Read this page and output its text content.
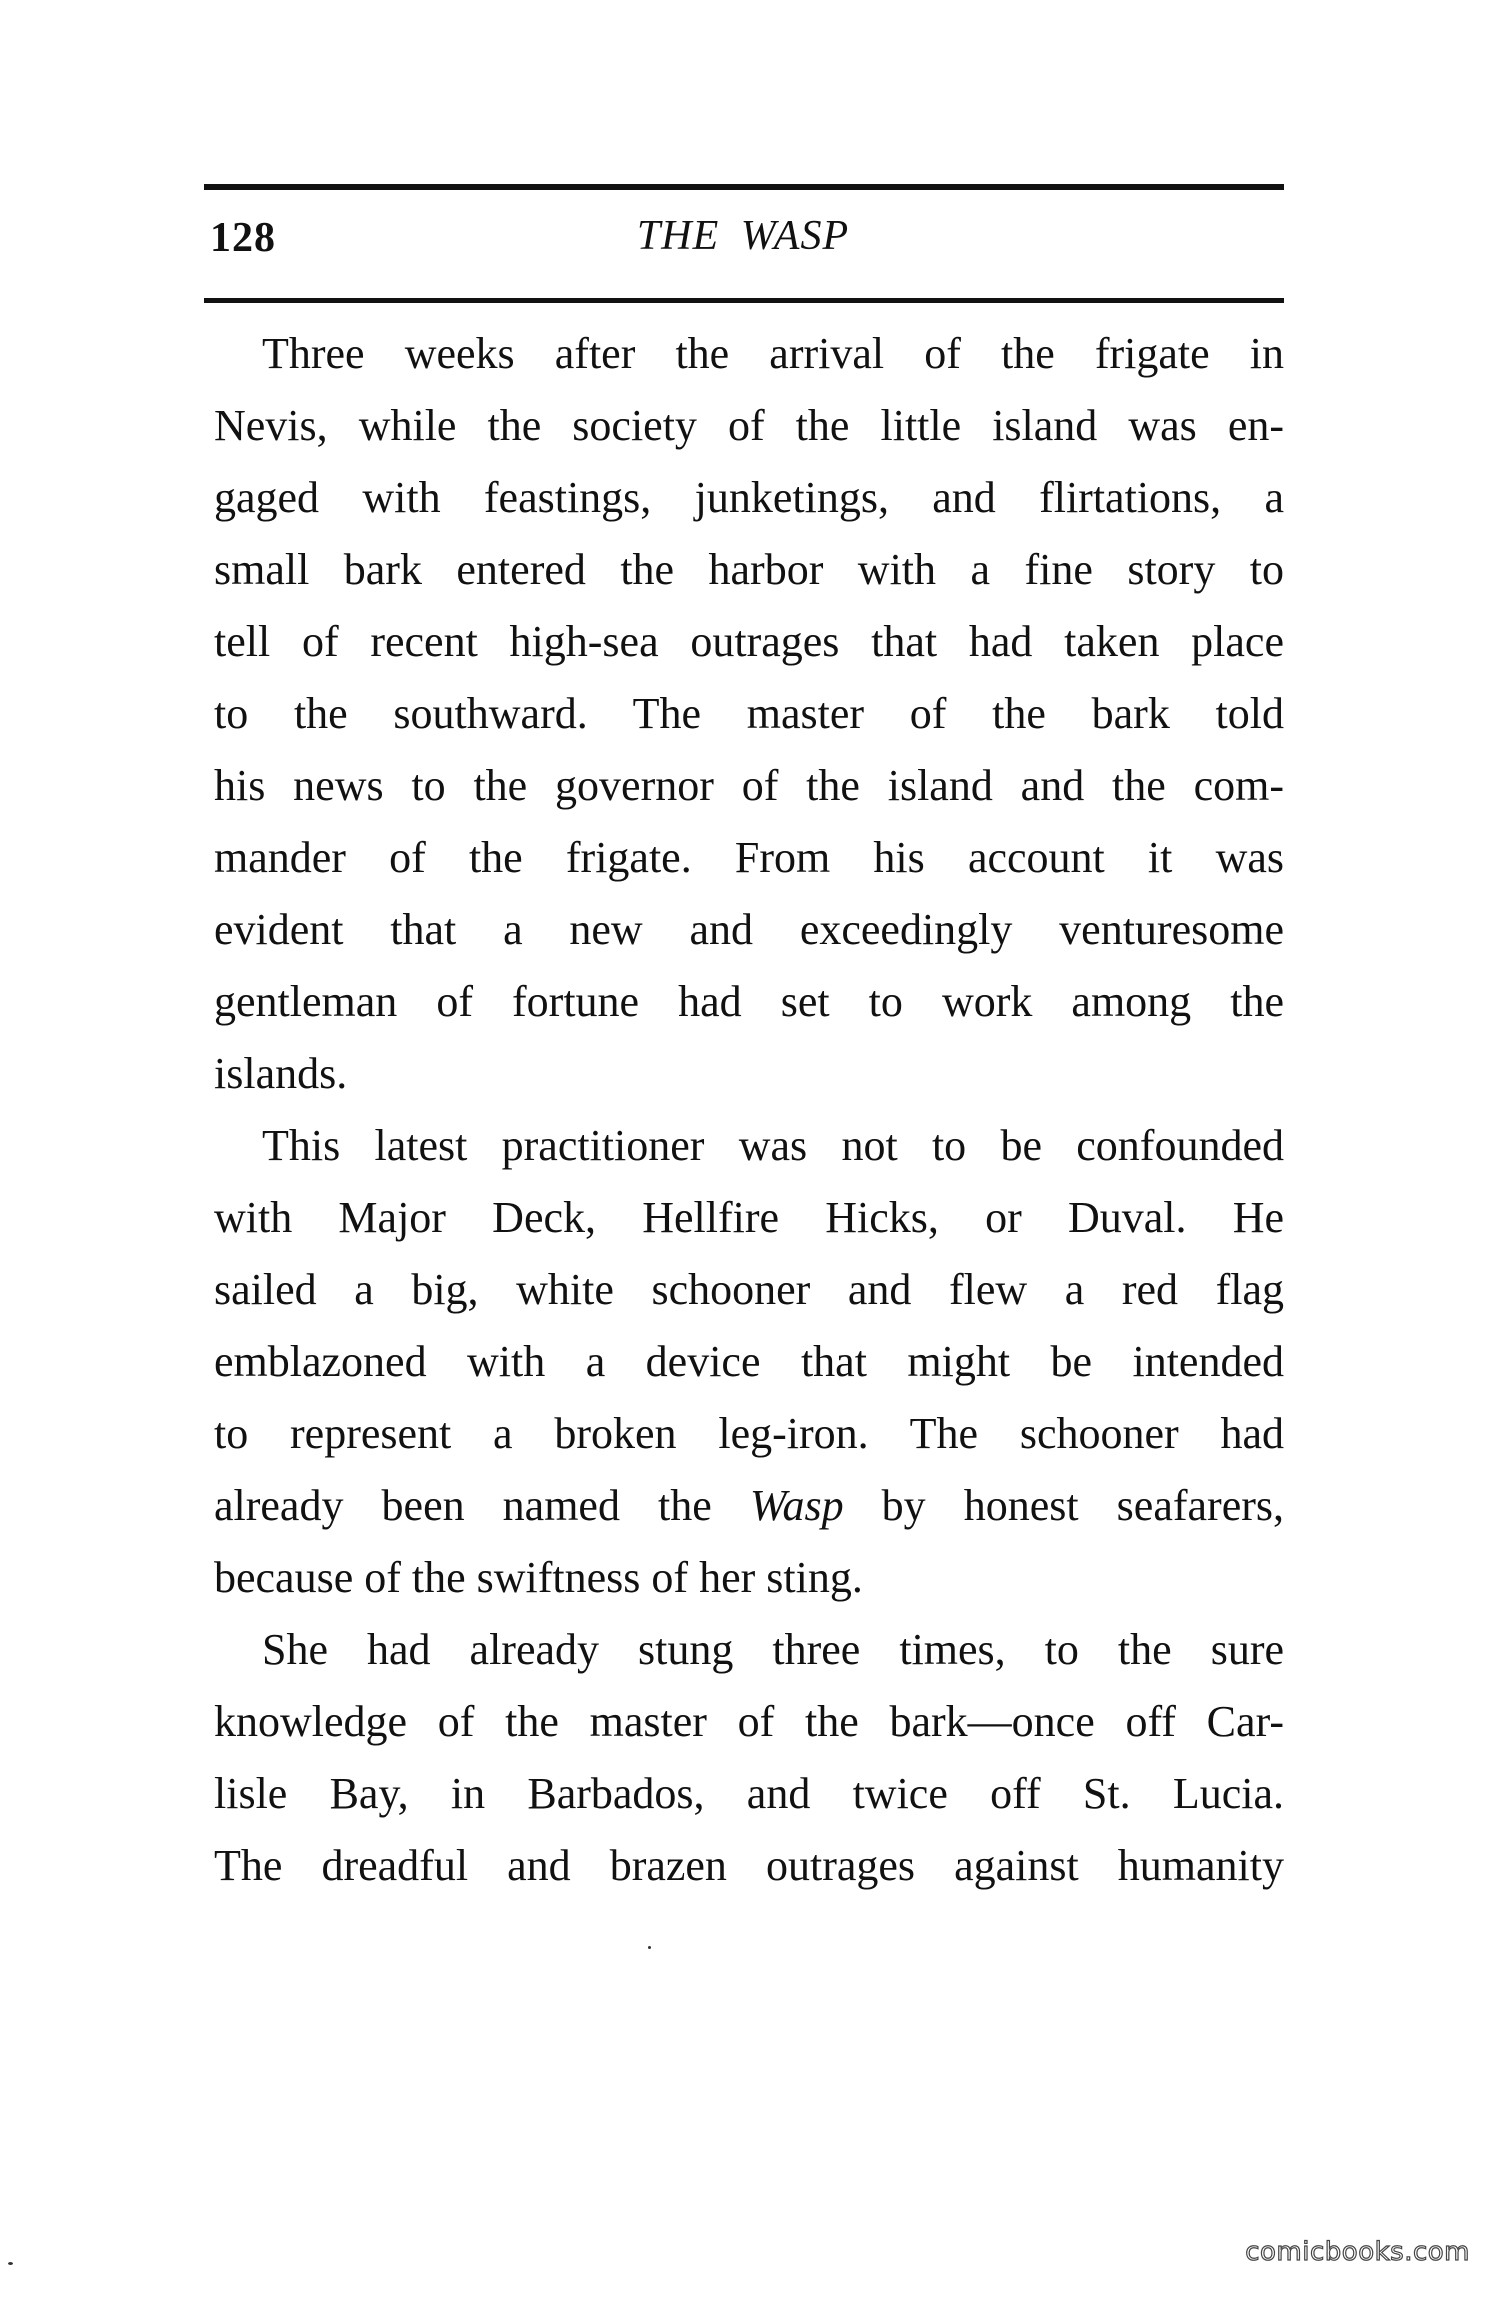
128	THE WASP
Three weeks after the arrival of the frigate in
Nevis, while the society of the little island was en-
gaged with feastings, junketings, and flirtations, a
small bark entered the harbor with a fine story to
tell of recent high-sea outrages that had taken place
to the southward. The master of the bark told
his news to the governor of the island and the com-
mander of the frigate. From his account it was
evident that a new and exceedingly venturesome
gentleman of fortune had set to work among the
islands.
This latest practitioner was not to be confounded
with Major Deck, Hellfire Hicks, or Duval. He
sailed a big, white schooner and flew a red flag
emblazoned with a device that might be intended
to represent a broken leg-iron. The schooner had
already been named the Wasp by honest seafarers,
because of the swiftness of her sting.
She had already stung three times, to the sure
knowledge of the master of the bark—once off Car-
lisle Bay, in Barbados, and twice off St. Lucia.
The dreadful and brazen outrages against humanity
comicbooks.com
